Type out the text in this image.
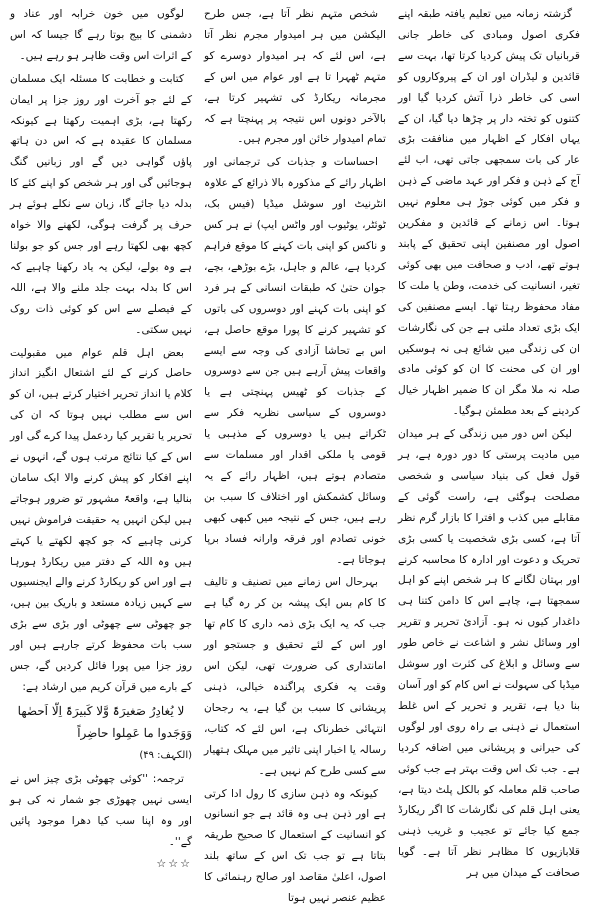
گزشتہ زمانہ میں تعلیم یافتہ طبقہ اپنے فکری اصول ومبادی کی خاطر جانی قربانیاں تک پیش کردیا کرتا تھا، بہت سے قائدین و لیڈران اور ان کے پیروکاروں کو اسی کی خاطر ذرا آتش کردیا گیا اور کتنوں کو تختہ دار پر چڑھا دیا گیا، ان کے یہاں افکار کے اظہار میں منافقت بڑی عار کی بات سمجھی جاتی تھی، اب لئے آج کے ذہن و فکر اور عہد ماضی کے ذہن و فکر میں کوئی جوڑ ہی معلوم نہیں ہوتا۔ اس زمانے کے قائدین و مفکرین اصول اور مصنفین اپنی تحقیق کے پابند ہوتے تھے، ادب و صحافت میں بھی کوئی تغیر، انسانیت کی خدمت، وطن یا ملت کا مفاد محفوظ رہتا تھا۔ ایسے مصنفین کی ایک بڑی تعداد ملتی ہے جن کی نگارشات ان کی زندگی میں شائع ہی نہ ہوسکیں اور ان کی محنت کا ان کو کوئی مادی صلہ نہ ملا مگر ان کا ضمیر اظہار خیال کردینے کے بعد مطمئن ہوگیا۔

لیکن اس دور میں زندگی کے ہر میدان میں مادیت پرستی کا دور دورہ ہے، ہر قول فعل کی بنیاد سیاسی و شخصی مصلحت ہوگئی ہے، راست گوئی کے مقابلے میں کذب و افترا کا بازار گرم نظر آتا ہے، کسی بڑی شخصیت یا کسی بڑی تحریک و دعوت اور ادارہ کا محاسبہ کرنے اور بہتان لگانے کا ہر شخص اپنے کو اہل سمجھتا ہے، چاہے اس کا دامن کتنا ہی داغدار کیوں نہ ہو۔ آزادئ تحریر و تقریر اور وسائل نشر و اشاعت نے خاص طور سے وسائل و ابلاغ کی کثرت اور سوشل میڈیا کی سہولت نے اس کام کو اور آسان بنا دیا ہے، تقریر و تحریر کے اس غلط استعمال نے ذہنی بے راہ روی اور لوگوں کی حیرانی و پریشانی میں اضافہ کردیا ہے۔ جب تک اس وقت بہتر ہے جب کوئی صاحب قلم معاملہ کو بالکل پلٹ دیتا ہے، یعنی اہل قلم کی نگارشات کا اگر ریکارڈ جمع کیا جائے تو عجیب و غریب ذہنی قلابازیوں کا مظاہر نظر آتا ہے۔ گویا صحافت کے میدان میں ہر

شخص متہم نظر آتا ہے، جس طرح الیکشن میں ہر امیدوار مجرم نظر آتا ہے، اس لئے کہ ہر امیدوار دوسرے کو متہم ٹھہرا تا ہے اور عوام میں اس کے مجرمانہ ریکارڈ کی تشہیر کرتا ہے، بالآخر دونوں اس نتیجہ پر پہنچتا ہے کہ تمام امیدوار خائن اور مجرم ہیں۔

احساسات و جذبات کی ترجمانی اور اظہار رائے کے مذکورہ بالا ذرائع کے علاوہ انٹرنیٹ اور سوشل میڈیا (فیس بک، ٹوئٹر، یوٹیوب اور واٹس ایپ) نے ہر کس و ناکس کو اپنی بات کہنے کا موقع فراہم کردیا ہے، عالم و جاہل، بڑے بوڑھے، بچے، جوان حتیٰ کہ طبقات انسانی کے ہر فرد کو اپنی بات کہنے اور دوسروں کی باتوں کو تشہیر کرنے کا پورا موقع حاصل ہے، اس بے تحاشا آزادی کی وجہ سے ایسے واقعات پیش آرہے ہیں جن سے دوسروں کے جذبات کو ٹھیس پہنچتی ہے یا دوسروں کے سیاسی نظریہ فکر سے ٹکراتے ہیں یا دوسروں کے مذہبی یا قومی یا ملکی اقدار اور مسلمات سے متصادم ہوتے ہیں، اظہار رائے کے یہ وسائل کشمکش اور اختلاف کا سبب بن رہے ہیں، جس کے نتیجہ میں کبھی کبھی خونی تصادم اور فرقہ وارانہ فساد برپا ہوجاتا ہے۔

بہرحال اس زمانے میں تصنیف و تالیف کا کام بس ایک پیشہ بن کر رہ گیا ہے جب کہ یہ ایک بڑی ذمہ داری کا کام تھا اور اس کے لئے تحقیق و جستجو اور امانتداری کی ضرورت تھی، لیکن اس وقت یہ فکری پراگندہ خیالی، ذہنی پریشانی کا سبب بن گیا ہے، یہ رجحان انتہائی خطرناک ہے، اس لئے کہ کتاب، رسالہ یا اخبار اپنی تاثیر میں مہلک ہتھیار سے کسی طرح کم نہیں ہے۔

کیونکہ وہ ذہن سازی کا رول ادا کرتی ہے اور ذہن ہی وہ قائد ہے جو انسانوں کو انسانیت کے استعمال کا صحیح طریقہ بتاتا ہے تو جب تک اس کے ساتھ بلند اصول، اعلیٰ مقاصد اور صالح رہنمائی کا عظیم عنصر نہیں ہوتا

لوگوں میں خون خرابہ اور عناد و دشمنی کا بیج بوتا رہے گا جیسا کہ اس کے اثرات اس وقت ظاہر ہو رہے ہیں۔

کتابت و خطابت کا مسئلہ ایک مسلمان کے لئے جو آخرت اور روز جزا پر ایمان رکھتا ہے، بڑی اہمیت رکھتا ہے کیونکہ مسلمان کا عقیدہ ہے کہ اس دن ہاتھ پاؤں گواہی دیں گے اور زبانیں گنگ ہوجائیں گی اور ہر شخص کو اپنے کئے کا بدلہ دیا جائے گا، زبان سے نکلے ہوئے ہر حرف پر گرفت ہوگی، لکھنے والا خواہ کچھ بھی لکھتا رہے اور جس کو جو بولنا ہے وہ بولے، لیکن یہ یاد رکھنا چاہیے کہ اس کا بدلہ بہت جلد ملنے والا ہے، اللہ کے فیصلے سے اس کو کوئی ذات روک نہیں سکتی۔

بعض اہل قلم عوام میں مقبولیت حاصل کرنے کے لئے اشتعال انگیز انداز کلام یا انداز تحریر اختیار کرتے ہیں، ان کو اس سے مطلب نہیں ہوتا کہ ان کی تحریر یا تقریر کیا ردعمل پیدا کرے گی اور اس کے کیا نتائج مرتب ہوں گے، انہوں نے اپنے افکار کو پیش کرنے والا ایک سامان بنالیا ہے، واقعۃً مشہور تو ضرور ہوجاتے ہیں لیکن انہیں یہ حقیقت فراموش نہیں کرنی چاہیے کہ جو کچھ لکھتے یا کہتے ہیں وہ اللہ کے دفتر میں ریکارڈ ہورہا ہے اور اس کو ریکارڈ کرنے والے ایجنسیوں سے کہیں زیادہ مستعد و باریک بین ہیں، جو چھوٹی سے چھوٹی اور بڑی سے بڑی سب بات محفوظ کرتے جارہے ہیں اور روز جزا میں پورا فائل کردیں گے، جس کے بارے میں قرآن کریم میں ارشاد ہے:

لا یُغادِرُ صَغیرَۃً وَّلا کَبیرَۃً اِلّا اَحصٰھا وَوَجَدوا ما عَمِلوا حاضِراً
(الکہف: ۴۹)

ترجمہ: ''کوئی چھوٹی بڑی چیز اس نے ایسی نہیں چھوڑی جو شمار نہ کی ہو اور وہ اپنا سب کیا دھرا موجود پائیں گے''۔

☆☆☆
